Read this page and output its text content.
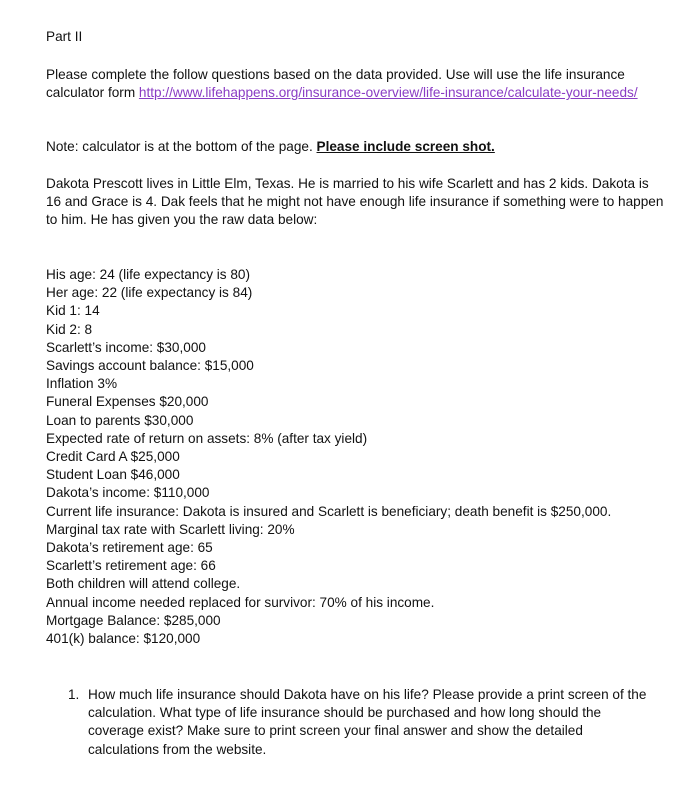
Part II

Please complete the follow questions based on the data provided. Use will use the life insurance calculator form http://www.lifehappens.org/insurance-overview/life-insurance/calculate-your-needs/

Note: calculator is at the bottom of the page. Please include screen shot.

Dakota Prescott lives in Little Elm, Texas. He is married to his wife Scarlett and has 2 kids. Dakota is 16 and Grace is 4. Dak feels that he might not have enough life insurance if something were to happen to him. He has given you the raw data below:

His age: 24 (life expectancy is 80)
Her age: 22 (life expectancy is 84)
Kid 1: 14
Kid 2: 8
Scarlett’s income: $30,000
Savings account balance: $15,000
Inflation 3%
Funeral Expenses $20,000
Loan to parents $30,000
Expected rate of return on assets: 8% (after tax yield)
Credit Card A $25,000
Student Loan $46,000
Dakota’s income: $110,000
Current life insurance: Dakota is insured and Scarlett is beneficiary; death benefit is $250,000.
Marginal tax rate with Scarlett living: 20%
Dakota’s retirement age: 65
Scarlett’s retirement age: 66
Both children will attend college.
Annual income needed replaced for survivor: 70% of his income.
Mortgage Balance: $285,000
401(k) balance: $120,000
1. How much life insurance should Dakota have on his life? Please provide a print screen of the calculation. What type of life insurance should be purchased and how long should the coverage exist? Make sure to print screen your final answer and show the detailed calculations from the website.
